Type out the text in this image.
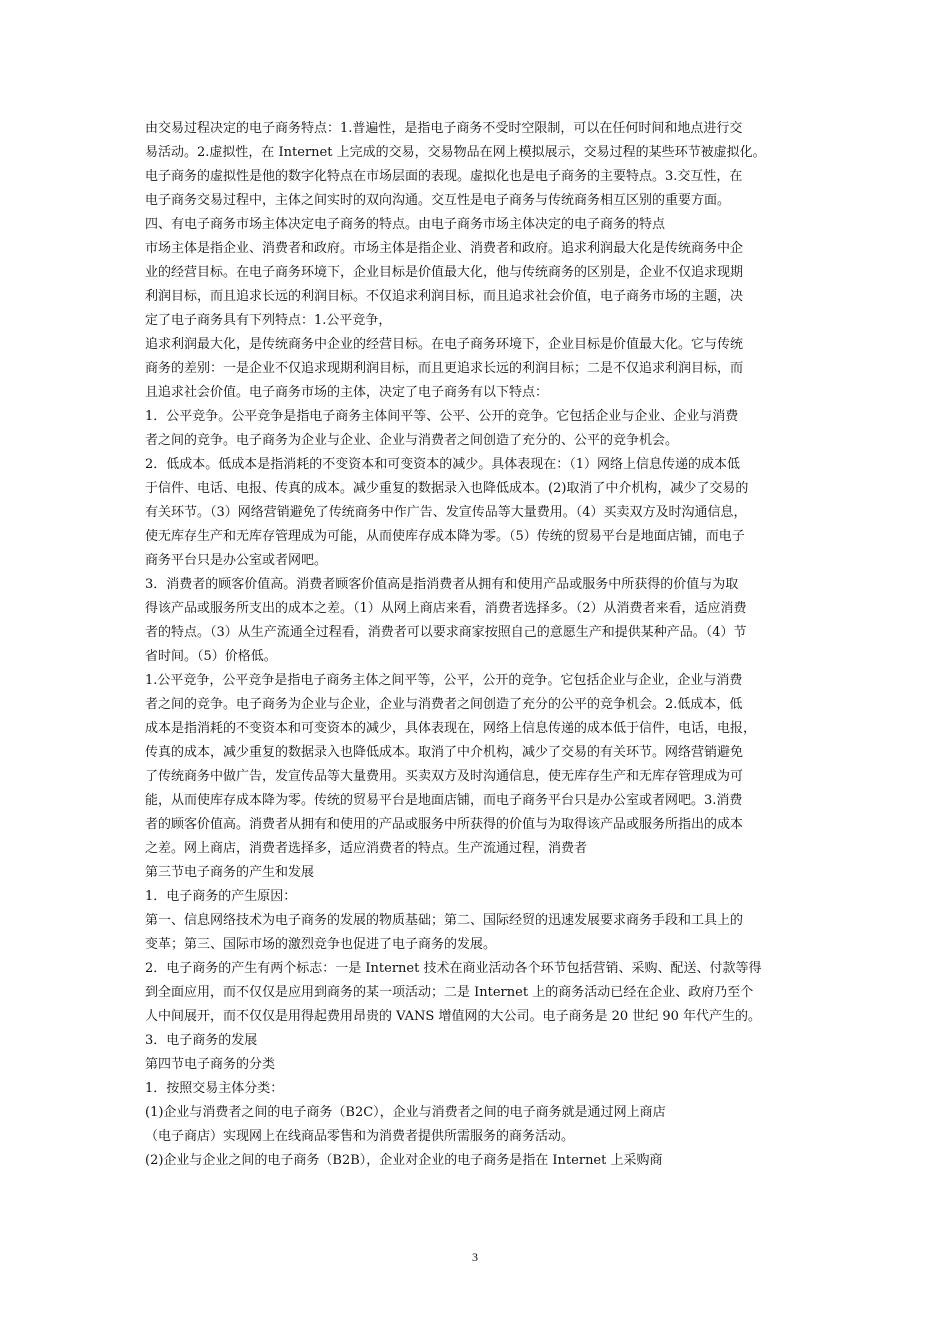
由交易过程决定的电子商务特点：1.普遍性，是指电子商务不受时空限制，可以在任何时间和地点进行交
易活动。2.虚拟性，在 Internet 上完成的交易，交易物品在网上模拟展示，交易过程的某些环节被虚拟化。
电子商务的虚拟性是他的数字化特点在市场层面的表现。虚拟化也是电子商务的主要特点。3.交互性，在
电子商务交易过程中，主体之间实时的双向沟通。交互性是电子商务与传统商务相互区别的重要方面。
四、有电子商务市场主体决定电子商务的特点。由电子商务市场主体决定的电子商务的特点
市场主体是指企业、消费者和政府。市场主体是指企业、消费者和政府。追求利润最大化是传统商务中企
业的经营目标。在电子商务环境下，企业目标是价值最大化，他与传统商务的区别是，企业不仅追求现期
利润目标，而且追求长远的利润目标。不仅追求利润目标，而且追求社会价值，电子商务市场的主题，决
定了电子商务具有下列特点：1.公平竞争，
追求利润最大化，是传统商务中企业的经营目标。在电子商务环境下，企业目标是价值最大化。它与传统
商务的差别：一是企业不仅追求现期利润目标，而且更追求长远的利润目标；二是不仅追求利润目标，而
且追求社会价值。电子商务市场的主体，决定了电子商务有以下特点：
1．公平竞争。公平竞争是指电子商务主体间平等、公平、公开的竞争。它包括企业与企业、企业与消费
者之间的竞争。电子商务为企业与企业、企业与消费者之间创造了充分的、公平的竞争机会。
2．低成本。低成本是指消耗的不变资本和可变资本的减少。具体表现在：（1）网络上信息传递的成本低
于信件、电话、电报、传真的成本。减少重复的数据录入也降低成本。(2)取消了中介机构，减少了交易的
有关环节。（3）网络营销避免了传统商务中作广告、发宣传品等大量费用。（4）买卖双方及时沟通信息，
使无库存生产和无库存管理成为可能，从而使库存成本降为零。（5）传统的贸易平台是地面店铺，而电子
商务平台只是办公室或者网吧。
3．消费者的顾客价值高。消费者顾客价值高是指消费者从拥有和使用产品或服务中所获得的价值与为取
得该产品或服务所支出的成本之差。（1）从网上商店来看，消费者选择多。（2）从消费者来看，适应消费
者的特点。（3）从生产流通全过程看，消费者可以要求商家按照自己的意愿生产和提供某种产品。（4）节
省时间。（5）价格低。
1.公平竞争，公平竞争是指电子商务主体之间平等，公平，公开的竞争。它包括企业与企业，企业与消费
者之间的竞争。电子商务为企业与企业，企业与消费者之间创造了充分的公平的竞争机会。2.低成本，低
成本是指消耗的不变资本和可变资本的减少，具体表现在，网络上信息传递的成本低于信件，电话，电报，
传真的成本，减少重复的数据录入也降低成本。取消了中介机构，减少了交易的有关环节。网络营销避免
了传统商务中做广告，发宣传品等大量费用。买卖双方及时沟通信息，使无库存生产和无库存管理成为可
能，从而使库存成本降为零。传统的贸易平台是地面店铺，而电子商务平台只是办公室或者网吧。3.消费
者的顾客价值高。消费者从拥有和使用的产品或服务中所获得的价值与为取得该产品或服务所指出的成本
之差。网上商店，消费者选择多，适应消费者的特点。生产流通过程，消费者
第三节电子商务的产生和发展
1．电子商务的产生原因：
第一、信息网络技术为电子商务的发展的物质基础；第二、国际经贸的迅速发展要求商务手段和工具上的
变革；第三、国际市场的激烈竞争也促进了电子商务的发展。
2．电子商务的产生有两个标志：一是 Internet 技术在商业活动各个环节包括营销、采购、配送、付款等得
到全面应用，而不仅仅是应用到商务的某一项活动；二是 Internet 上的商务活动已经在企业、政府乃至个
人中间展开，而不仅仅是用得起费用昂贵的 VANS 增值网的大公司。电子商务是 20 世纪 90 年代产生的。
3．电子商务的发展
第四节电子商务的分类
1．按照交易主体分类：
(1)企业与消费者之间的电子商务（B2C），企业与消费者之间的电子商务就是通过网上商店
（电子商店）实现网上在线商品零售和为消费者提供所需服务的商务活动。
(2)企业与企业之间的电子商务（B2B），企业对企业的电子商务是指在 Internet 上采购商
3
